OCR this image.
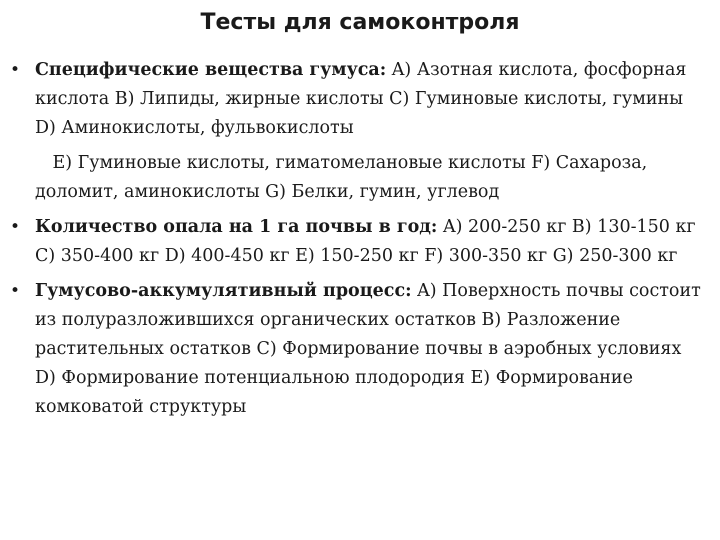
Тесты для самоконтроля
• Специфические вещества гумуса: A) Азотная кислота, фосфорная кислота B) Липиды, жирные кислоты C) Гуминовые кислоты, гумины D) Аминокислоты, фульвокислоты
E) Гуминовые кислоты, гиматомелановые кислоты F) Сахароза, доломит, аминокислоты G) Белки, гумин, углевод
• Количество опала на 1 га почвы в год: A) 200-250 кг B) 130-150 кг C) 350-400 кг D) 400-450 кг E) 150-250 кг F) 300-350 кг G) 250-300 кг
• Гумусово-аккумулятивный процесс: A) Поверхность почвы состоит из полуразложившихся органических остатков B) Разложение растительных остатков C) Формирование почвы в аэробных условиях D) Формирование потенциальною плодородия E) Формирование комковатой структуры
